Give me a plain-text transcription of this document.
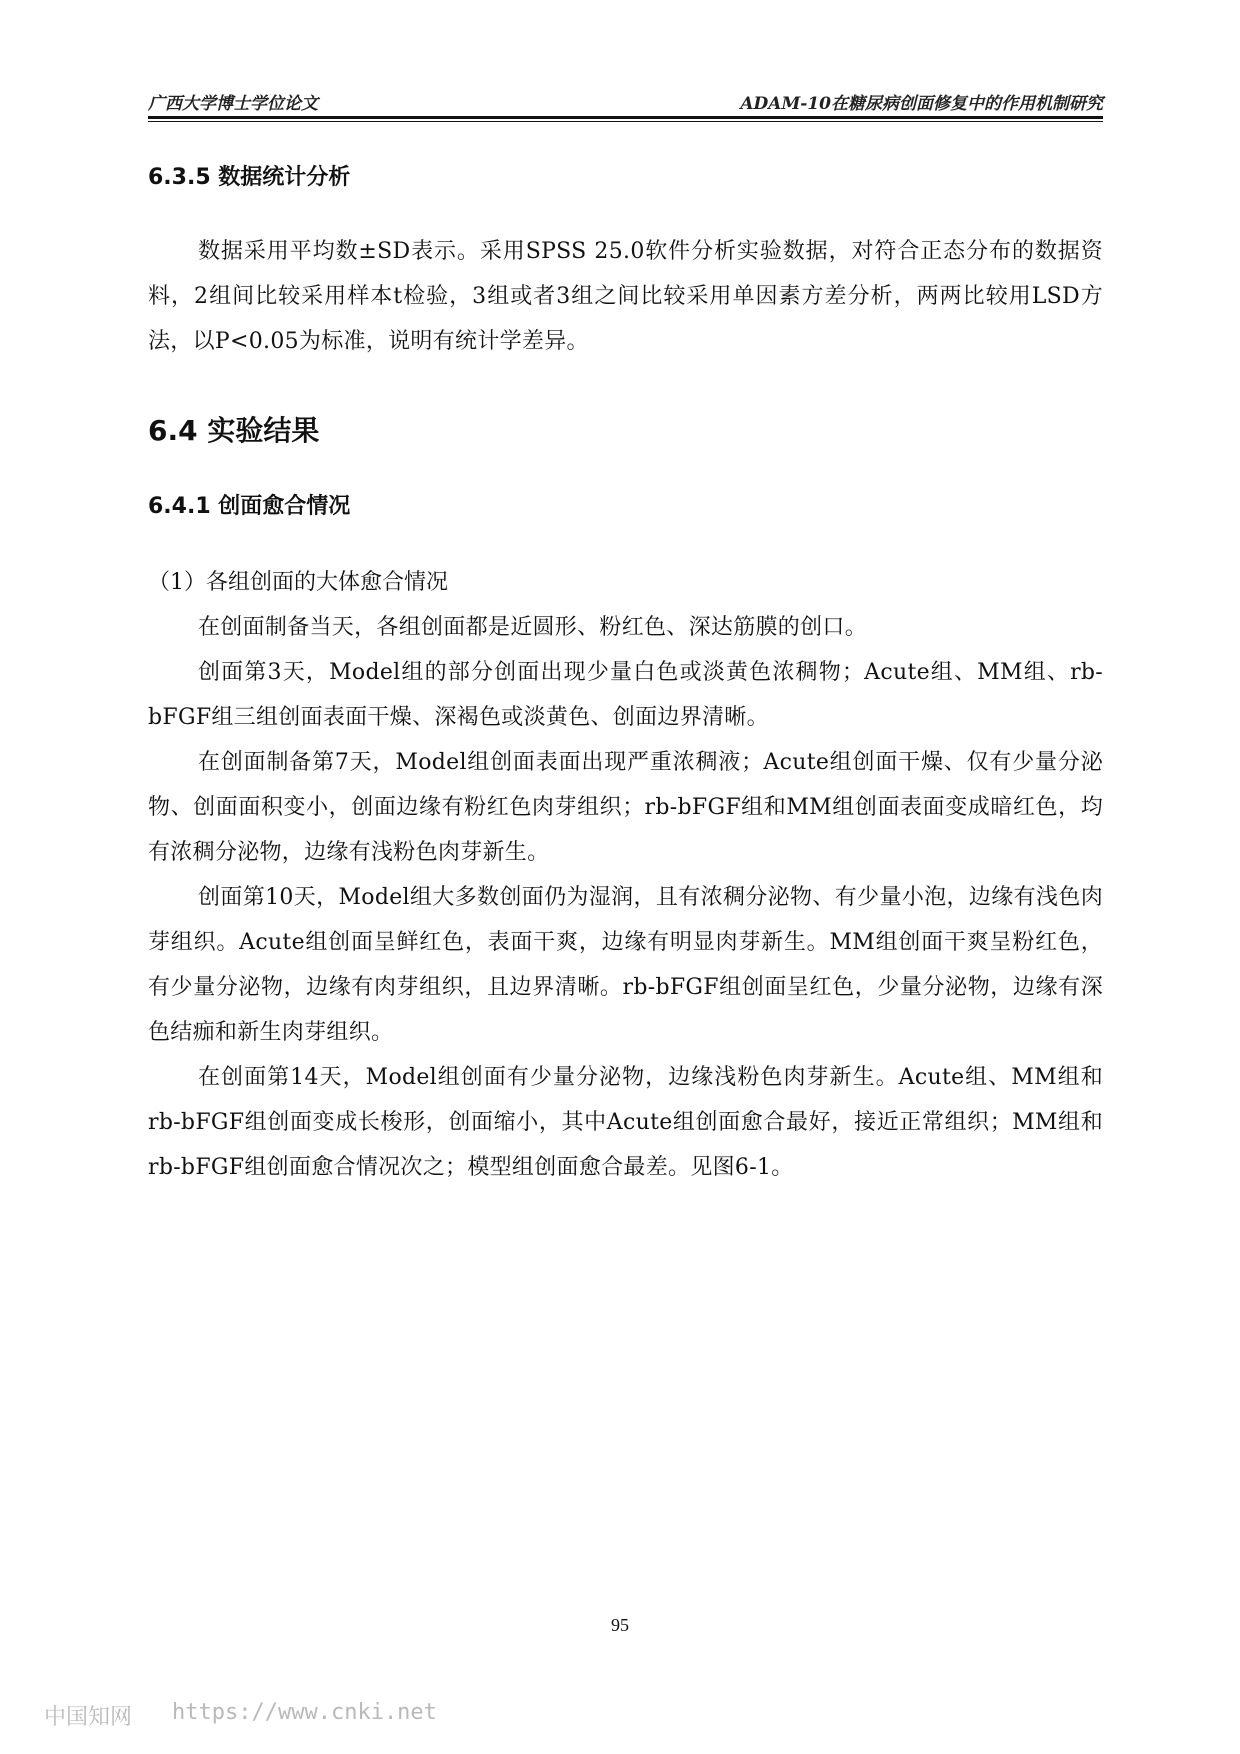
广西大学博士学位论文	ADAM-10在糖尿病创面修复中的作用机制研究

6.3.5 数据统计分析

数据采用平均数±SD表示。采用SPSS 25.0软件分析实验数据，对符合正态分布的数据资料，2组间比较采用样本t检验，3组或者3组之间比较采用单因素方差分析，两两比较用LSD方法，以P<0.05为标准，说明有统计学差异。

6.4 实验结果

6.4.1 创面愈合情况

（1）各组创面的大体愈合情况

在创面制备当天，各组创面都是近圆形、粉红色、深达筋膜的创口。

创面第3天，Model组的部分创面出现少量白色或淡黄色浓稠物；Acute组、MM组、rb-bFGF组三组创面表面干燥、深褐色或淡黄色、创面边界清晰。

在创面制备第7天，Model组创面表面出现严重浓稠液；Acute组创面干燥、仅有少量分泌物、创面面积变小，创面边缘有粉红色肉芽组织；rb-bFGF组和MM组创面表面变成暗红色，均有浓稠分泌物，边缘有浅粉色肉芽新生。

创面第10天，Model组大多数创面仍为湿润，且有浓稠分泌物、有少量小泡，边缘有浅色肉芽组织。Acute组创面呈鲜红色，表面干爽，边缘有明显肉芽新生。MM组创面干爽呈粉红色，有少量分泌物，边缘有肉芽组织，且边界清晰。rb-bFGF组创面呈红色，少量分泌物，边缘有深色结痂和新生肉芽组织。

在创面第14天，Model组创面有少量分泌物，边缘浅粉色肉芽新生。Acute组、MM组和rb-bFGF组创面变成长梭形，创面缩小，其中Acute组创面愈合最好，接近正常组织；MM组和rb-bFGF组创面愈合情况次之；模型组创面愈合最差。见图6-1。

95
中国知网 https://www.cnki.net
